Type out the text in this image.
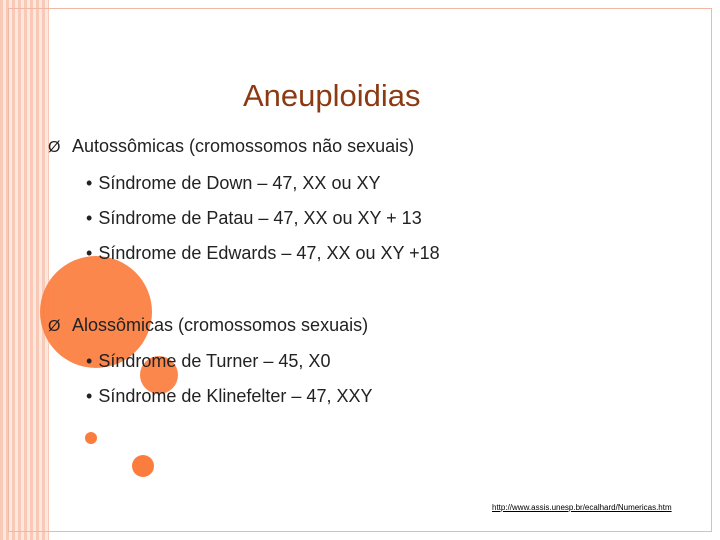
Aneuploidias
Ø Autossômicas (cromossomos não sexuais)
• Síndrome de Down – 47, XX ou XY
• Síndrome de Patau – 47, XX ou XY + 13
• Síndrome de Edwards – 47, XX ou XY +18
Ø Alossômicas (cromossomos sexuais)
• Síndrome de Turner – 45, X0
• Síndrome de Klinefelter – 47, XXY
http://www.assis.unesp.br/ecalhard/Numericas.htm
